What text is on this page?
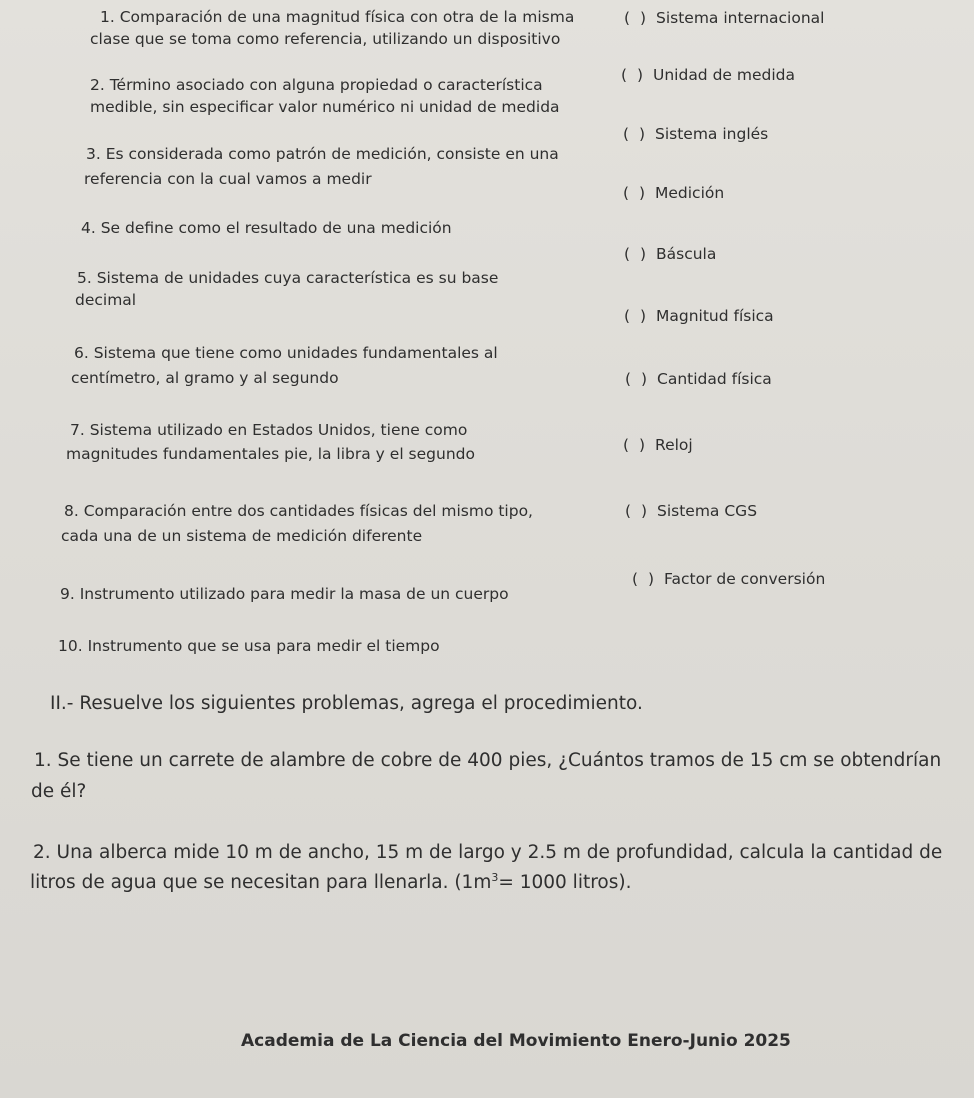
1. Comparación de una magnitud física con otra de la misma
clase que se toma como referencia, utilizando un dispositivo
2. Término asociado con alguna propiedad o característica
medible, sin especificar valor numérico ni unidad de medida
3. Es considerada como patrón de medición, consiste en una
referencia con la cual vamos a medir
4. Se define como el resultado de una medición
5. Sistema de unidades cuya característica es su base
decimal
6. Sistema que tiene como unidades fundamentales al
centímetro, al gramo y al segundo
7. Sistema utilizado en Estados Unidos, tiene como
magnitudes fundamentales pie, la libra y el segundo
8. Comparación entre dos cantidades físicas del mismo tipo,
cada una de un sistema de medición diferente
9. Instrumento utilizado para medir la masa de un cuerpo
10. Instrumento que se usa para medir el tiempo
( ) Sistema internacional
( ) Unidad de medida
( ) Sistema inglés
( ) Medición
( ) Báscula
( ) Magnitud física
( ) Cantidad física
( ) Reloj
( ) Sistema CGS
( ) Factor de conversión
II.- Resuelve los siguientes problemas, agrega el procedimiento.
1. Se tiene un carrete de alambre de cobre de 400 pies, ¿Cuántos tramos de 15 cm se obtendrían
de él?
2. Una alberca mide 10 m de ancho, 15 m de largo y 2.5 m de profundidad, calcula la cantidad de
litros de agua que se necesitan para llenarla. ($1m^3= 1000$ litros).
Academia de La Ciencia del Movimiento Enero-Junio 2025
